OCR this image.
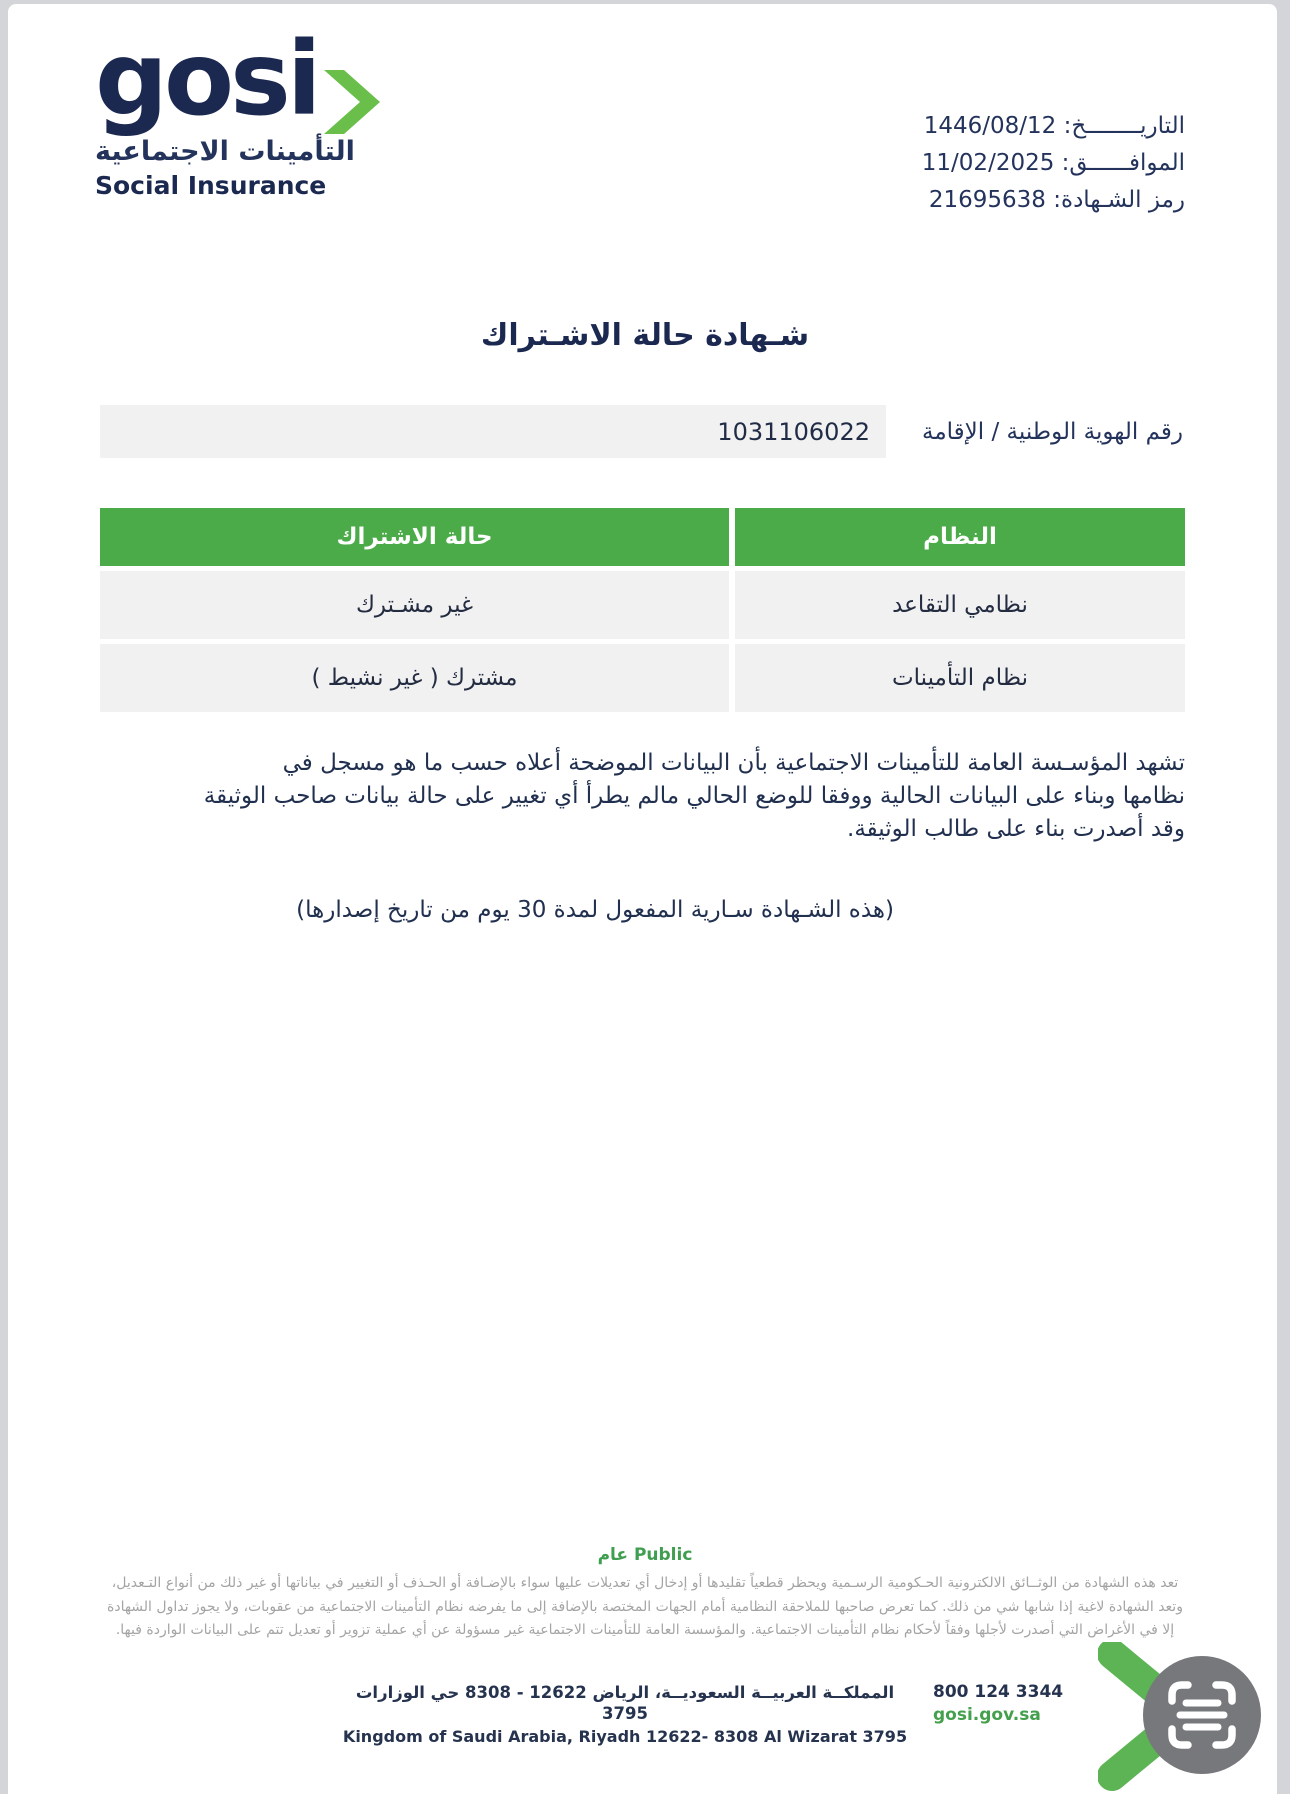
gosi
التأمينات الاجتماعية
Social Insurance
التاريــــــــخ: 1446/08/12
الموافــــــق: 11/02/2025
رمز الشـهادة: 21695638
شـهادة حالة الاشـتراك
1031106022 رقم الهوية الوطنية / الإقامة
النظام
حالة الاشتراك
نظامي التقاعد
غير مشـترك
نظام التأمينات
مشترك ( غير نشيط )
تشهد المؤسـسة العامة للتأمينات الاجتماعية بأن البيانات الموضحة أعلاه حسب ما هو مسجل في
نظامها وبناء على البيانات الحالية ووفقا للوضع الحالي مالم يطرأ أي تغيير على حالة بيانات صاحب الوثيقة
وقد أصدرت بناء على طالب الوثيقة.
(هذه الشـهادة سـارية المفعول لمدة 30 يوم من تاريخ إصدارها)
Public عام
تعد هذه الشهادة من الوثــائق الالكترونية الحـكومية الرسـمية ويحظر قطعياً تقليدها أو إدخال أي تعديلات عليها سواء بالإضـافة أو الحـذف أو التغيير في بياناتها أو غير ذلك من أنواع التـعديل،
وتعد الشهادة لاغية إذا شابها شي من ذلك. كما تعرض صاحبها للملاحقة النظامية أمام الجهات المختصة بالإضافة إلى ما يفرضه نظام التأمينات الاجتماعية من عقوبات، ولا يجوز تداول الشهادة
إلا في الأغراض التي أصدرت لأجلها وفقاً لأحكام نظام التأمينات الاجتماعية. والمؤسسة العامة للتأمينات الاجتماعية غير مسؤولة عن أي عملية تزوير أو تعديل تتم على البيانات الواردة فيها.
المملكــة العربيــة السعوديــة، الرياض 12622 - 8308 حي الوزارات 3795
Kingdom of Saudi Arabia, Riyadh 12622- 8308 Al Wizarat 3795
800 124 3344
gosi.gov.sa
